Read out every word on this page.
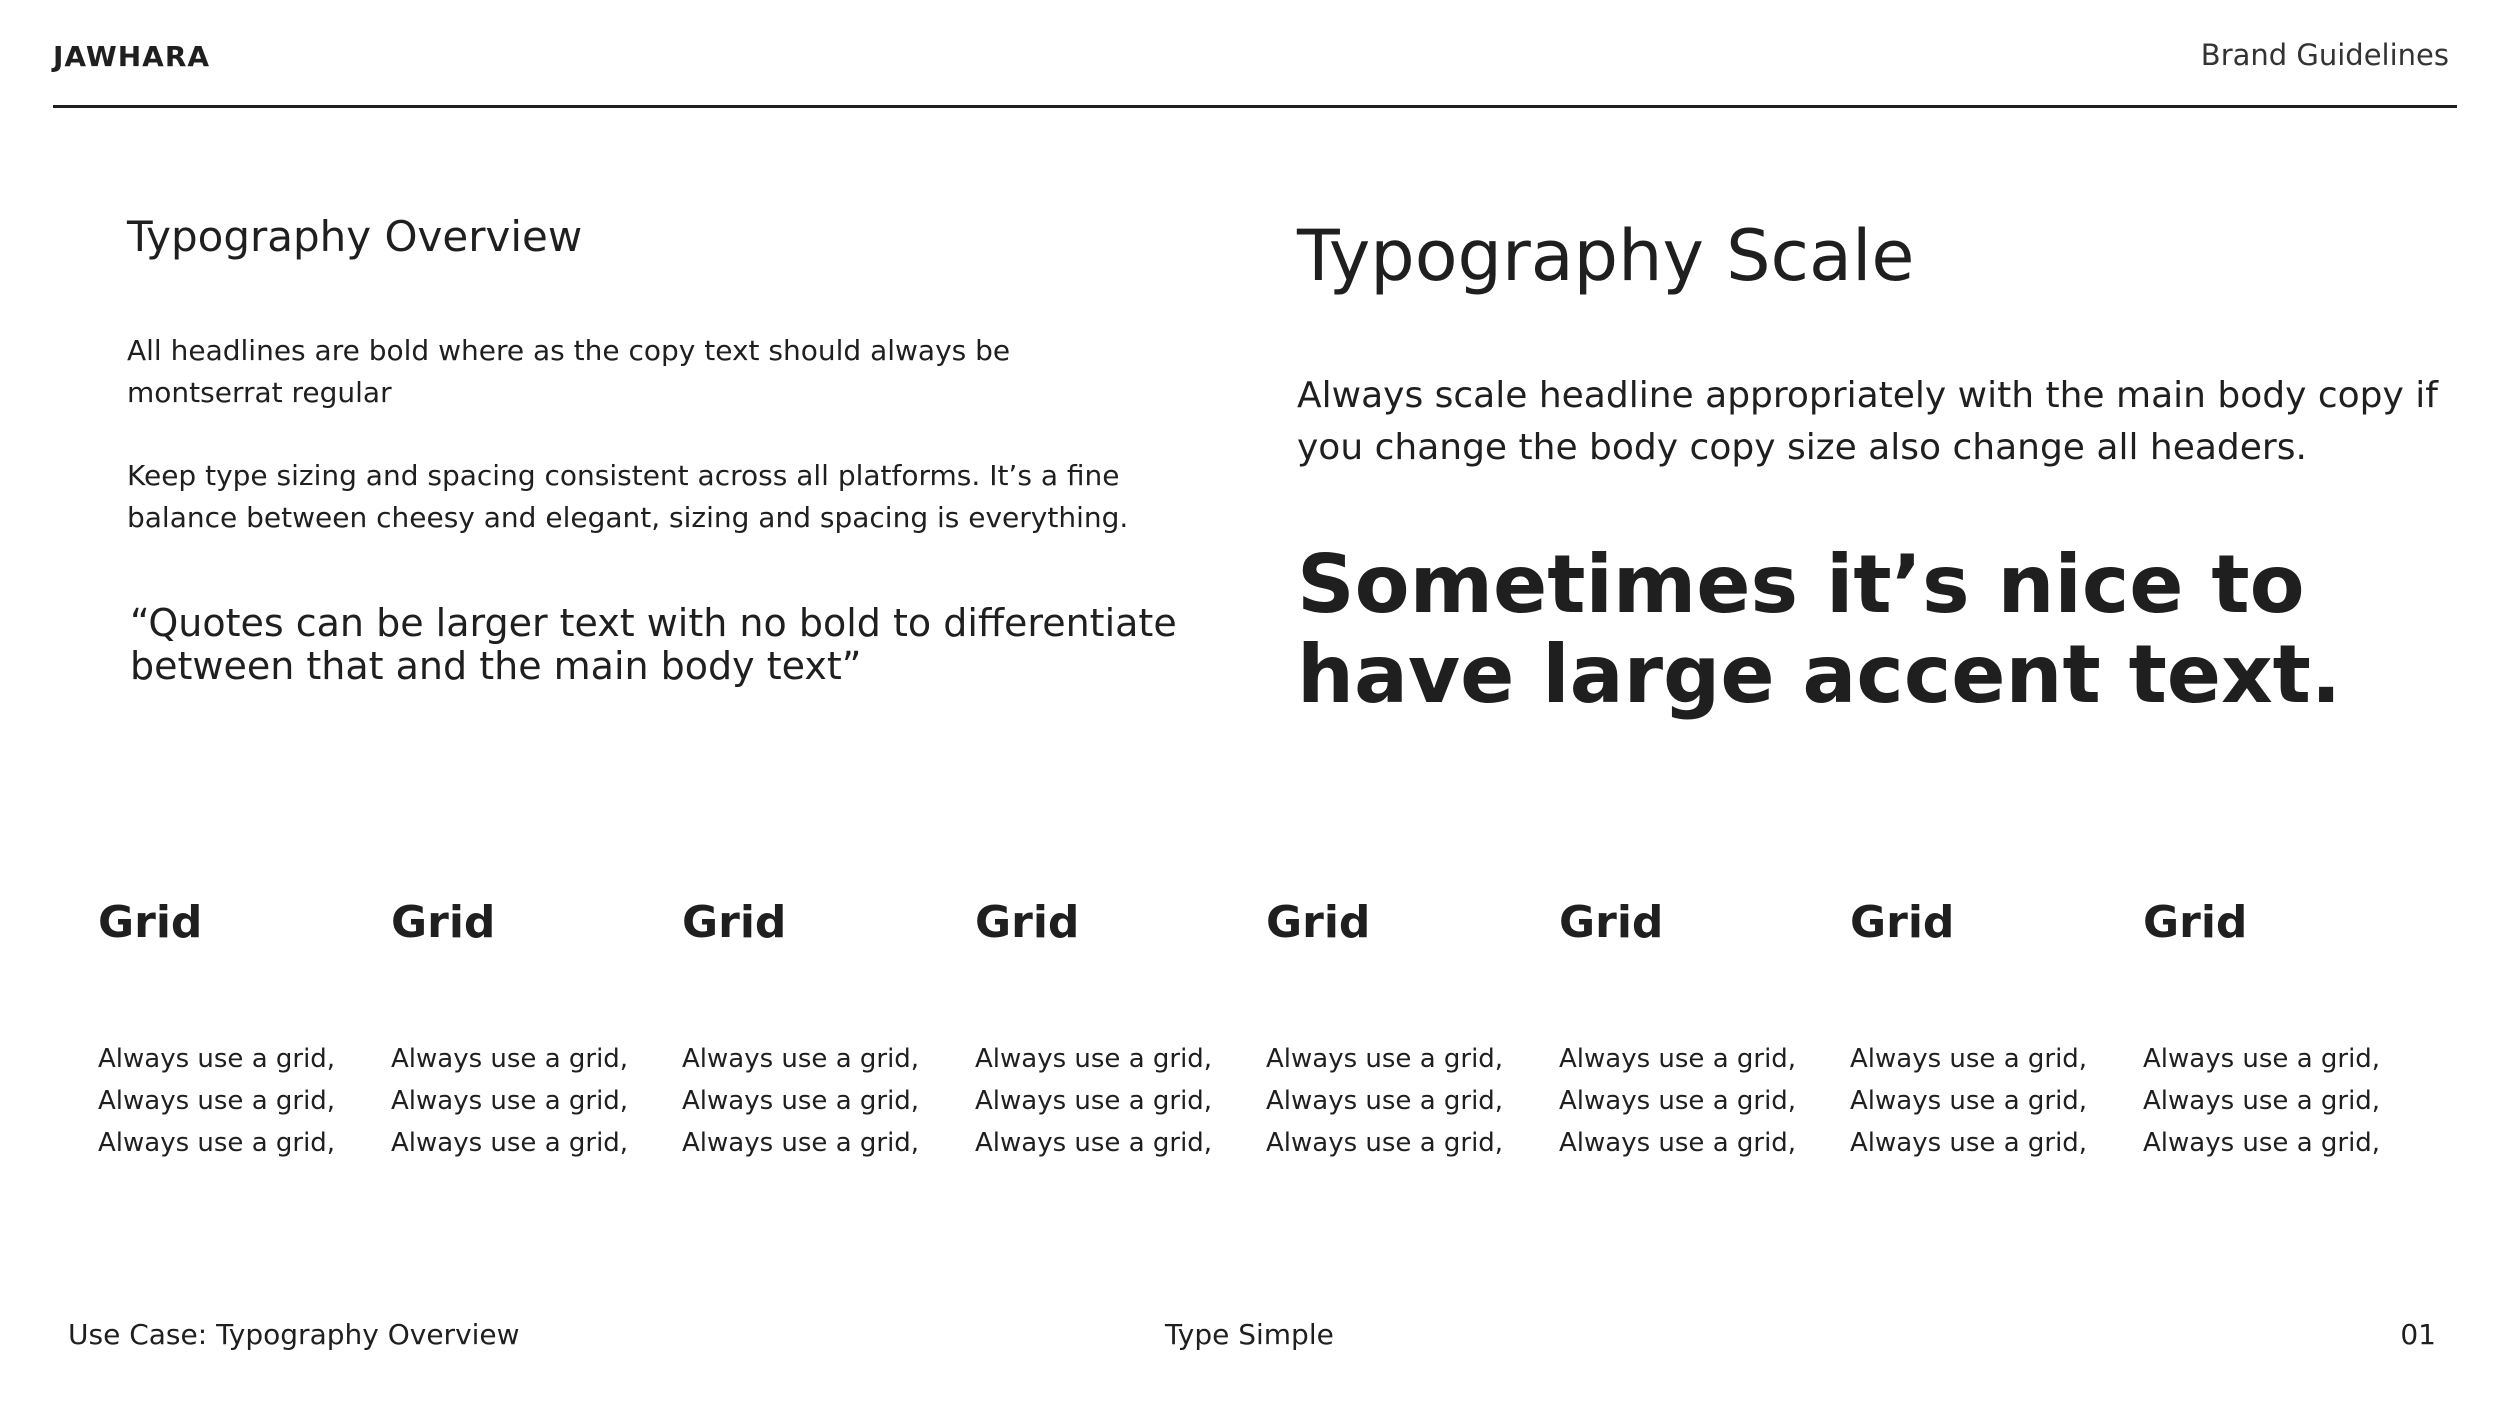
JAWHARA	Brand Guidelines
Typography Overview
All headlines are bold where as the copy text should always be montserrat regular
Keep type sizing and spacing consistent across all platforms. It’s a fine balance between cheesy and elegant, sizing and spacing is everything.
“Quotes can be larger text with no bold to differentiate between that and the main body text”
Typography Scale
Always scale headline appropriately with the main body copy if you change the body copy size also change all headers.
Sometimes it’s nice to have large accent text.
Grid
Always use a grid,
Always use a grid,
Always use a grid,
Grid
Always use a grid,
Always use a grid,
Always use a grid,
Grid
Always use a grid,
Always use a grid,
Always use a grid,
Grid
Always use a grid,
Always use a grid,
Always use a grid,
Grid
Always use a grid,
Always use a grid,
Always use a grid,
Grid
Always use a grid,
Always use a grid,
Always use a grid,
Grid
Always use a grid,
Always use a grid,
Always use a grid,
Grid
Always use a grid,
Always use a grid,
Always use a grid,
Use Case: Typography Overview	Type Simple	01
